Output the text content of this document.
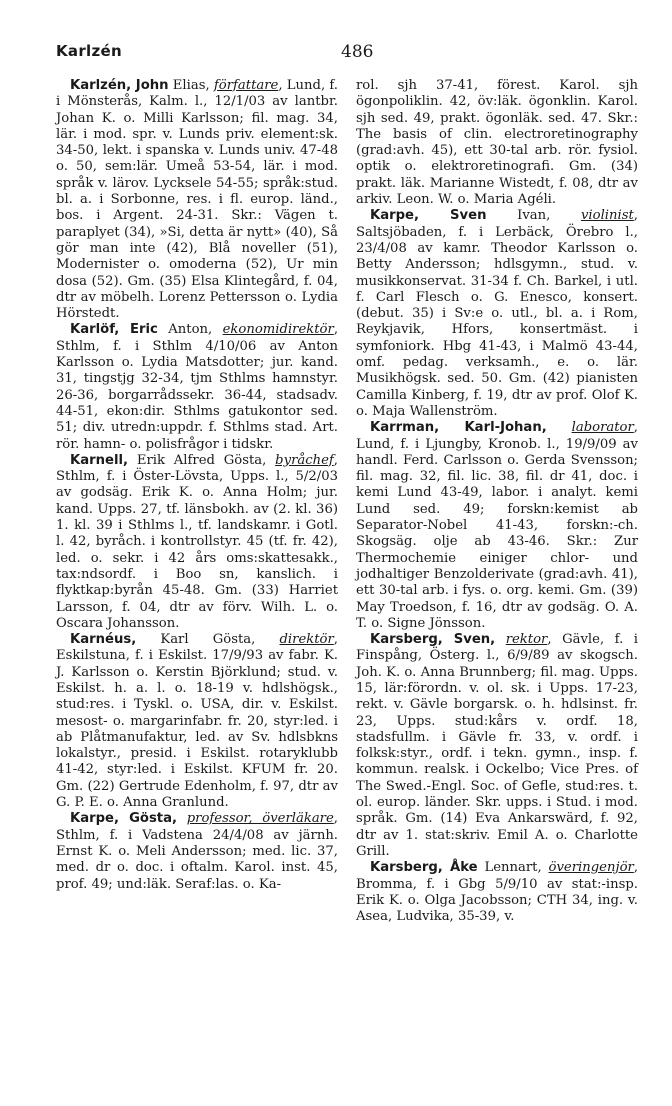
Karlzén	486

Karlzén, John Elias, författare, Lund, f. i Mönsterås, Kalm. l., 12/1/03 av lantbr. Johan K. o. Milli Karlsson; fil. mag. 34, lär. i mod. spr. v. Lunds priv. element:sk. 34-50, lekt. i spanska v. Lunds univ. 47-48 o. 50, sem:lär. Umeå 53-54, lär. i mod. språk v. lärov. Lycksele 54-55; språk:stud. bl. a. i Sorbonne, res. i fl. europ. länd., bos. i Argent. 24-31. Skr.: Vägen t. paraplyet (34), »Si, detta är nytt» (40), Så gör man inte (42), Blå noveller (51), Modernister o. omoderna (52), Ur min dosa (52). Gm. (35) Elsa Klintegård, f. 04, dtr av möbelh. Lorenz Pettersson o. Lydia Hörstedt.

Karlöf, Eric Anton, ekonomidirektör, Sthlm, f. i Sthlm 4/10/06 av Anton Karlsson o. Lydia Matsdotter; jur. kand. 31, tingstjg 32-34, tjm Sthlms hamnstyr. 26-36, borgarrådssekr. 36-44, stadsadv. 44-51, ekon:dir. Sthlms gatukontor sed. 51; div. utredn:uppdr. f. Sthlms stad. Art. rör. hamn- o. polisfrågor i tidskr.

Karnell, Erik Alfred Gösta, byråchef, Sthlm, f. i Öster-Lövsta, Upps. l., 5/2/03 av godsäg. Erik K. o. Anna Holm; jur. kand. Upps. 27, tf. länsbokh. av (2. kl. 36) 1. kl. 39 i Sthlms l., tf. landskamr. i Gotl. l. 42, byråch. i kontrollstyr. 45 (tf. fr. 42), led. o. sekr. i 42 års oms:skattesakk., tax:ndsordf. i Boo sn, kanslich. i flyktkap:byrån 45-48. Gm. (33) Harriet Larsson, f. 04, dtr av förv. Wilh. L. o. Oscara Johansson.

Karnéus, Karl Gösta, direktör, Eskilstuna, f. i Eskilst. 17/9/93 av fabr. K. J. Karlsson o. Kerstin Björklund; stud. v. Eskilst. h. a. l. o. 18-19 v. hdlshögsk., stud:res. i Tyskl. o. USA, dir. v. Eskilst. mesost- o. margarinfabr. fr. 20, styr:led. i ab Plåtmanufaktur, led. av Sv. hdlsbkns lokalstyr., presid. i Eskilst. rotaryklubb 41-42, styr:led. i Eskilst. KFUM fr. 20. Gm. (22) Gertrude Edenholm, f. 97, dtr av G. P. E. o. Anna Granlund.

Karpe, Gösta, professor, överläkare, Sthlm, f. i Vadstena 24/4/08 av järnh. Ernst K. o. Meli Andersson; med. lic. 37, med. dr o. doc. i oftalm. Karol. inst. 45, prof. 49; und:läk. Seraf:las. o. Ka-

rol. sjh 37-41, förest. Karol. sjh ögonpoliklin. 42, öv:läk. ögonklin. Karol. sjh sed. 49, prakt. ögonläk. sed. 47. Skr.: The basis of clin. electroretinography (grad:avh. 45), ett 30-tal arb. rör. fysiol. optik o. elektroretinografi. Gm. (34) prakt. läk. Marianne Wistedt, f. 08, dtr av arkiv. Leon. W. o. Maria Agéli.

Karpe, Sven Ivan, violinist, Saltsjöbaden, f. i Lerbäck, Örebro l., 23/4/08 av kamr. Theodor Karlsson o. Betty Andersson; hdlsgymn., stud. v. musikkonservat. 31-34 f. Ch. Barkel, i utl. f. Carl Flesch o. G. Enesco, konsert. (debut. 35) i Sv:e o. utl., bl. a. i Rom, Reykjavik, Hfors, konsertmäst. i symfoniork. Hbg 41-43, i Malmö 43-44, omf. pedag. verksamh., e. o. lär. Musikhögsk. sed. 50. Gm. (42) pianisten Camilla Kinberg, f. 19, dtr av prof. Olof K. o. Maja Wallenström.

Karrman, Karl-Johan, laborator, Lund, f. i Ljungby, Kronob. l., 19/9/09 av handl. Ferd. Carlsson o. Gerda Svensson; fil. mag. 32, fil. lic. 38, fil. dr 41, doc. i kemi Lund 43-49, labor. i analyt. kemi Lund sed. 49; forskn:kemist ab Separator-Nobel 41-43, forskn:-ch. Skogsäg. olje ab 43-46. Skr.: Zur Thermochemie einiger chlor- und jodhaltiger Benzolderivate (grad:avh. 41), ett 30-tal arb. i fys. o. org. kemi. Gm. (39) May Troedson, f. 16, dtr av godsäg. O. A. T. o. Signe Jönsson.

Karsberg, Sven, rektor, Gävle, f. i Finspång, Österg. l., 6/9/89 av skogsch. Joh. K. o. Anna Brunnberg; fil. mag. Upps. 15, lär:förordn. v. ol. sk. i Upps. 17-23, rekt. v. Gävle borgarsk. o. h. hdlsinst. fr. 23, Upps. stud:kårs v. ordf. 18, stadsfullm. i Gävle fr. 33, v. ordf. i folksk:styr., ordf. i tekn. gymn., insp. f. kommun. realsk. i Ockelbo; Vice Pres. of The Swed.-Engl. Soc. of Gefle, stud:res. t. ol. europ. länder. Skr. upps. i Stud. i mod. språk. Gm. (14) Eva Ankarswärd, f. 92, dtr av 1. stat:skriv. Emil A. o. Charlotte Grill.

Karsberg, Åke Lennart, överingenjör, Bromma, f. i Gbg 5/9/10 av stat:-insp. Erik K. o. Olga Jacobsson; CTH 34, ing. v. Asea, Ludvika, 35-39, v.
